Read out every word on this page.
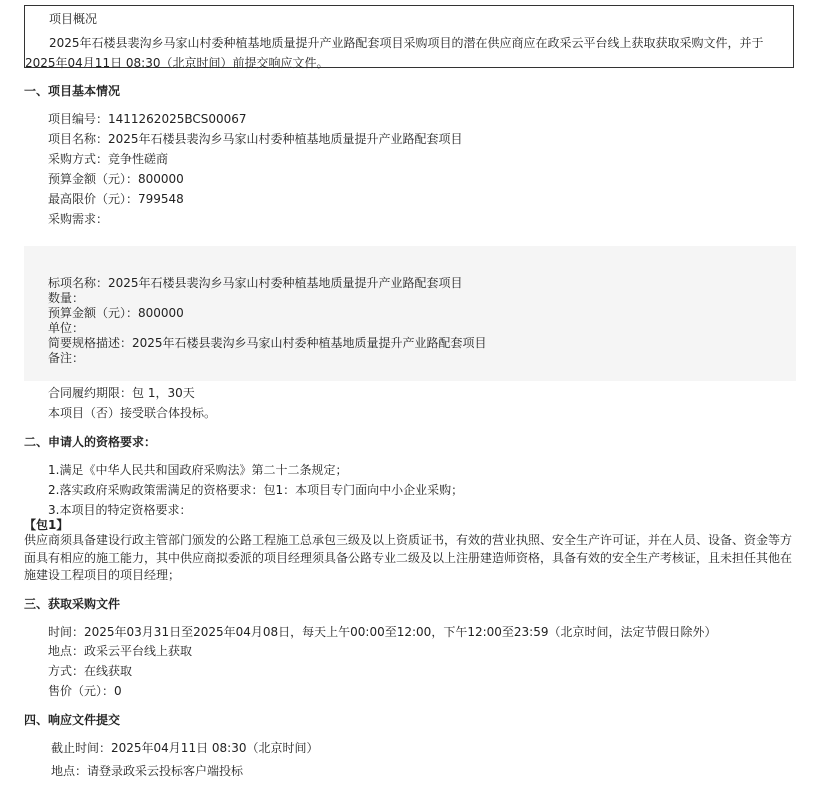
项目概况
2025年石楼县裴沟乡马家山村委种植基地质量提升产业路配套项目采购项目的潜在供应商应在政采云平台线上获取获取采购文件，并于2025年04月11日 08:30（北京时间）前提交响应文件。
一、项目基本情况
项目编号：1411262025BCS00067
项目名称：2025年石楼县裴沟乡马家山村委种植基地质量提升产业路配套项目
采购方式：竞争性磋商
预算金额（元）：800000
最高限价（元）：799548
采购需求：
标项名称：2025年石楼县裴沟乡马家山村委种植基地质量提升产业路配套项目
数量：
预算金额（元）：800000
单位：
简要规格描述：2025年石楼县裴沟乡马家山村委种植基地质量提升产业路配套项目
备注：
合同履约期限：包 1，30天
本项目（否）接受联合体投标。
二、申请人的资格要求：
1.满足《中华人民共和国政府采购法》第二十二条规定；
2.落实政府采购政策需满足的资格要求：包1：本项目专门面向中小企业采购；
3.本项目的特定资格要求：
【包1】
供应商须具备建设行政主管部门颁发的公路工程施工总承包三级及以上资质证书，有效的营业执照、安全生产许可证，并在人员、设备、资金等方面具有相应的施工能力，其中供应商拟委派的项目经理须具备公路专业二级及以上注册建造师资格，具备有效的安全生产考核证，且未担任其他在施建设工程项目的项目经理；
三、获取采购文件
时间：2025年03月31日至2025年04月08日，每天上午00:00至12:00，下午12:00至23:59（北京时间，法定节假日除外）
地点：政采云平台线上获取
方式：在线获取
售价（元）：0
四、响应文件提交
截止时间：2025年04月11日 08:30（北京时间）
地点：请登录政采云投标客户端投标
